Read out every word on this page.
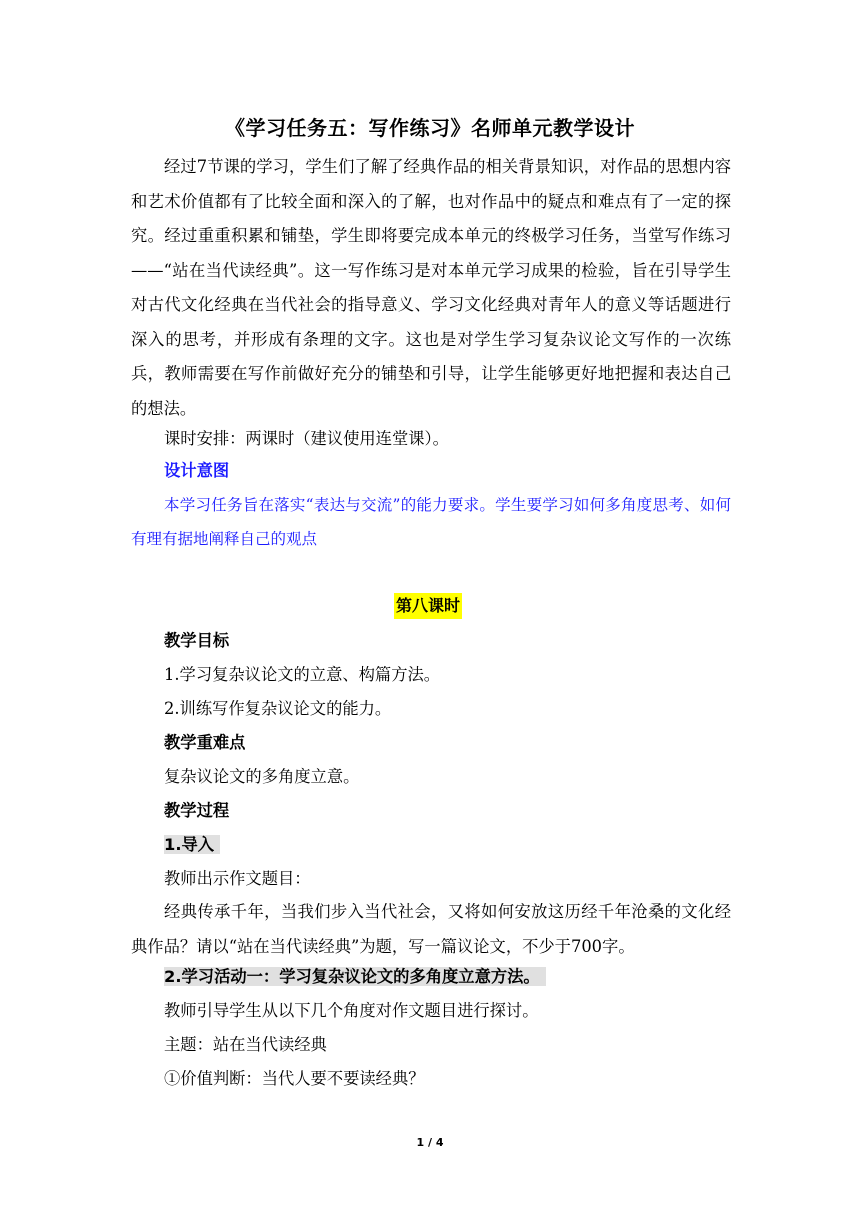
《学习任务五：写作练习》名师单元教学设计

经过7节课的学习，学生们了解了经典作品的相关背景知识，对作品的思想内容和艺术价值都有了比较全面和深入的了解，也对作品中的疑点和难点有了一定的探究。经过重重积累和铺垫，学生即将要完成本单元的终极学习任务，当堂写作练习——“站在当代读经典”。这一写作练习是对本单元学习成果的检验，旨在引导学生对古代文化经典在当代社会的指导意义、学习文化经典对青年人的意义等话题进行深入的思考，并形成有条理的文字。这也是对学生学习复杂议论文写作的一次练兵，教师需要在写作前做好充分的铺垫和引导，让学生能够更好地把握和表达自己的想法。

课时安排：两课时（建议使用连堂课）。
设计意图

本学习任务旨在落实“表达与交流”的能力要求。学生要学习如何多角度思考、如何有理有据地阐释自己的观点

第八课时
教学目标
1.学习复杂议论文的立意、构篇方法。
2.训练写作复杂议论文的能力。
教学重难点
复杂议论文的多角度立意。
教学过程
1.导入
教师出示作文题目：

经典传承千年，当我们步入当代社会，又将如何安放这历经千年沧桑的文化经典作品？请以“站在当代读经典”为题，写一篇议论文，不少于700字。

2.学习活动一：学习复杂议论文的多角度立意方法。
教师引导学生从以下几个角度对作文题目进行探讨。
主题：站在当代读经典
①价值判断：当代人要不要读经典？
1 / 4
